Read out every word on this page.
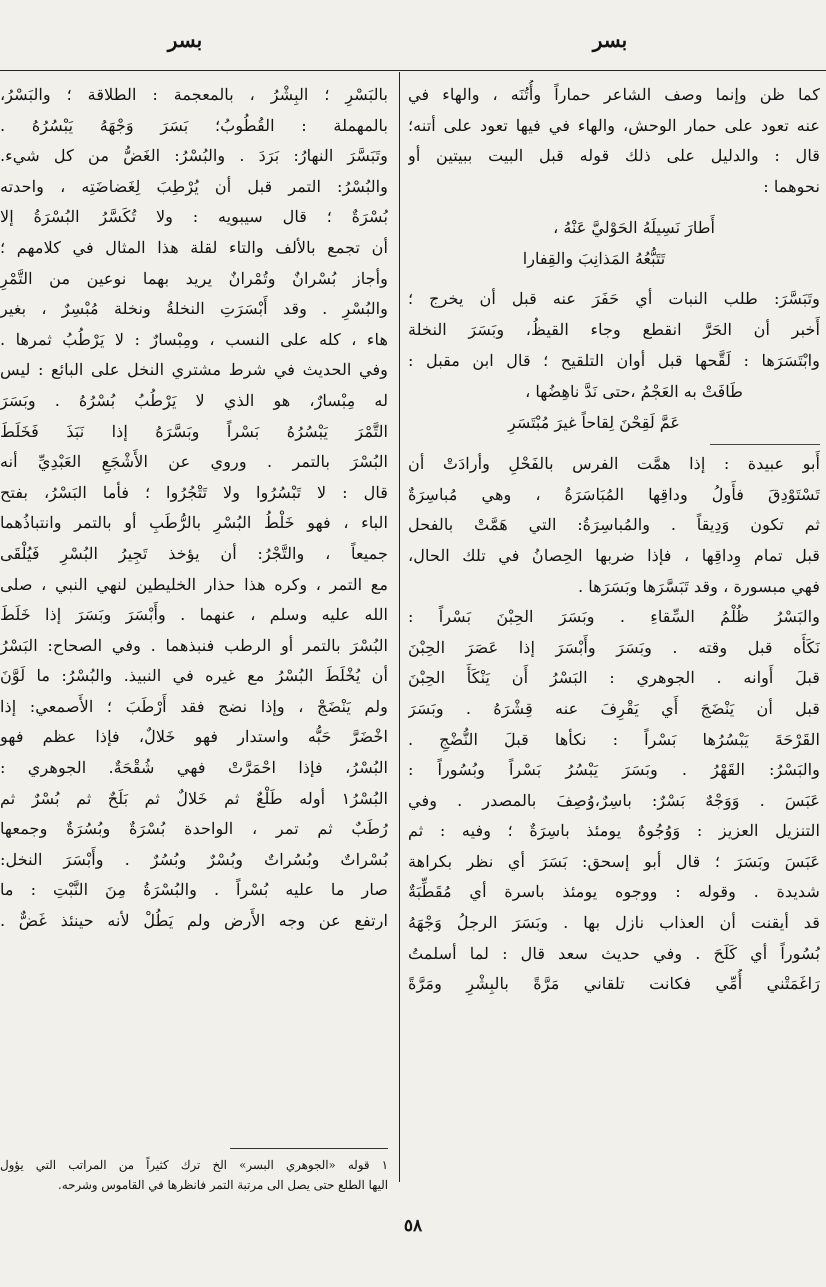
بسر
بسر
كما ظن وإنما وصف الشاعر حماراً وأُتُنَه ، والهاء في
عنه تعود على حمار الوحش، والهاء في فيها تعود على أتنه؛
قال : والدليل على ذلك قوله قبل البيت ببيتين أو
نحوهما :
أَطارَ نَسِيلَهُ الحَوْليَّ عَنْهُ ،
تَتَبُّعُهُ المَذانِبَ والقِفارا
وتَبَسَّرَ: طلب النبات أي حَفَرَ عنه قبل أن يخرج ؛
أَخبر أن الحَرَّ انقطع وجاء القيظُ، وبَسَرَ النخلة
وابْتَسَرَها : لَقَّحها قبل أوان التلقيح ؛ قال ابن مقبل :
طَافَتْ به العَجْمُ ،حتى نَدَّ ناهِضُها ،
عَمَّ لَقِحْنَ لِقاحاً غيرَ مُبْتَسَرِ
أَبو عبيدة : إذا همَّت الفرس بالفَحْلِ وأرادَتْ أن
تَسْتَوْدِقَ فأَولُ وداقِها المُبَاسَرَةُ ، وهي مُباسِرَةٌ
ثم تكون وَدِيقاً . والمُباسِرَةُ: التي هَمَّتْ بالفحل
قبل تمام وِداقِها ، فإذا ضربها الحِصانُ في تلك الحال،
فهي مبسورة ، وقد تَبَسَّرَها وبَسَرَها .
والبَسْرُ ظُلْمُ السِّقاءِ . وبَسَرَ الحِبْنَ بَسْراً :
نَكَأَه قبل وقته . وبَسَرَ وأَبْسَرَ إذا عَصَرَ الحِبْنَ
قبلَ أَوانه . الجوهري : البَسْرُ أَن يَنْكَأَ الحِبْنَ
قبل أن يَنْضَجَ أَي يَقْرِفَ عنه قِشْرَهُ . وبَسَرَ
القَرْحَةَ يَبْسُرُها بَسْراً : نكأها قبلَ النُّضْجِ .
والبَسْرُ: القَهْرُ . وبَسَرَ يَبْسُرُ بَسْراً وبُسُوراً :
عَبَسَ . وَوَجْهٌ بَسْرٌ: باسِرٌ،وُصِفَ بالمصدر . وفي
التنزيل العزيز : وَوُجُوهٌ يومئذ باسِرَةٌ ؛ وفيه : ثم
عَبَسَ وبَسَرَ ؛ قال أبو إسحق: بَسَرَ أي نظر بكراهة
شديدة . وقوله : ووجوه يومئذ باسرة أي مُقَطِّبَةٌ
قد أيقنت أن العذاب نازل بها . وبَسَرَ الرجلُ وَجْهَهُ
بُسُوراً أي كَلَحَ . وفي حديث سعد قال : لما أسلمتُ
رَاغَمَتْني أُمِّي فكانت تلقاني مَرَّةً بالبِشْرِ ومَرَّةً
بالبَسْرِ ؛ البِشْرُ ، بالمعجمة : الطلاقة ؛ والبَسْرُ،
بالمهملة : القُطُوبُ؛ بَسَرَ وَجْهَهُ يَبْسُرُهُ .
وتَبَسَّرَ النهارُ: بَرَدَ . والبُسْرُ: الغَضُّ من كل شيء.
والبُسْرُ: التمر قبل أن يُرْطِبَ لِغَضاضَتِه ، واحدته
بُسْرَةٌ ؛ قال سيبويه : ولا تُكَسَّرُ البُسْرَةُ إلا
أن تجمع بالألف والتاء لقلة هذا المثال في كلامهم ؛
وأجاز بُسْرانٌ وتُمْرانٌ يريد بهما نوعين من التَّمْرِ
والبُسْرِ . وقد أَبْسَرَتِ النخلةُ ونخلة مُبْسِرٌ ، بغير
هاء ، كله على النسب ، ومِبْسارٌ : لا يَرْطُبُ ثمرها .
وفي الحديث في شرط مشتري النخل على البائع : ليس
له مِبْسارٌ، هو الذي لا يَرْطُبُ بُسْرُهُ . وبَسَرَ
التَّمْرَ يَبْسُرُهُ بَسْراً وبَسَّرَهُ إذا نَبَذَ فَخَلَطَ
البُسْرَ بالتمر . وروي عن الأَشْجَعِ العَبْدِيِّ أنه
قال : لا تَبْسُرُوا ولا تَتْجُرُوا ؛ فأما البَسْرُ، بفتح
الباء ، فهو خَلْطُ البُسْرِ بالرُّطَبِ أو بالتمر وانتباذُهما
جميعاً ، والتَّجْرُ: أن يؤخذ تَجِيرُ البُسْرِ فَيُلْقَى
مع التمر ، وكره هذا حذار الخليطين لنهي النبي ، صلى
الله عليه وسلم ، عنهما . وأَبْسَرَ وبَسَرَ إذا خَلَطَ
البُسْرَ بالتمر أو الرطب فنبذهما . وفي الصحاح: البَسْرُ
أن يُخْلَطَ البُسْرُ مع غيره في النبيذ. والبُسْرُ: ما لَوَّنَ
ولم يَنْضَجْ ، وإذا نضج فقد أَرْطَبَ ؛ الأَصمعي: إذا
اخْضَرَّ حَبُّه واستدار فهو خَلالٌ، فإذا عظم فهو
البُسْرُ، فإذا احْمَرَّتْ فهي شُقْحَةٌ. الجوهري :
البُسْرُ١ أوله طَلْعٌ ثم خَلالٌ ثم بَلَحٌ ثم بُسْرٌ ثم
رُطَبٌ ثم تمر ، الواحدة بُسْرَةٌ وبُسُرَةٌ وجمعها
بُسْراتٌ وبُسُراتٌ وبُسْرٌ وبُسُرٌ . وأَبْسَرَ النخل:
صار ما عليه بُسْراً . والبُسْرَةُ مِنَ النَّبْتِ : ما
ارتفع عن وجه الأَرض ولم يَطُلْ لأنه حينئذ غَضٌّ .
١ قوله «الجوهري البسر» الخ ترك كثيراً من المراتب التي يؤول
اليها الطلع حتى يصل الى مرتبة التمر فانظرها في القاموس وشرحه.
٥٨
